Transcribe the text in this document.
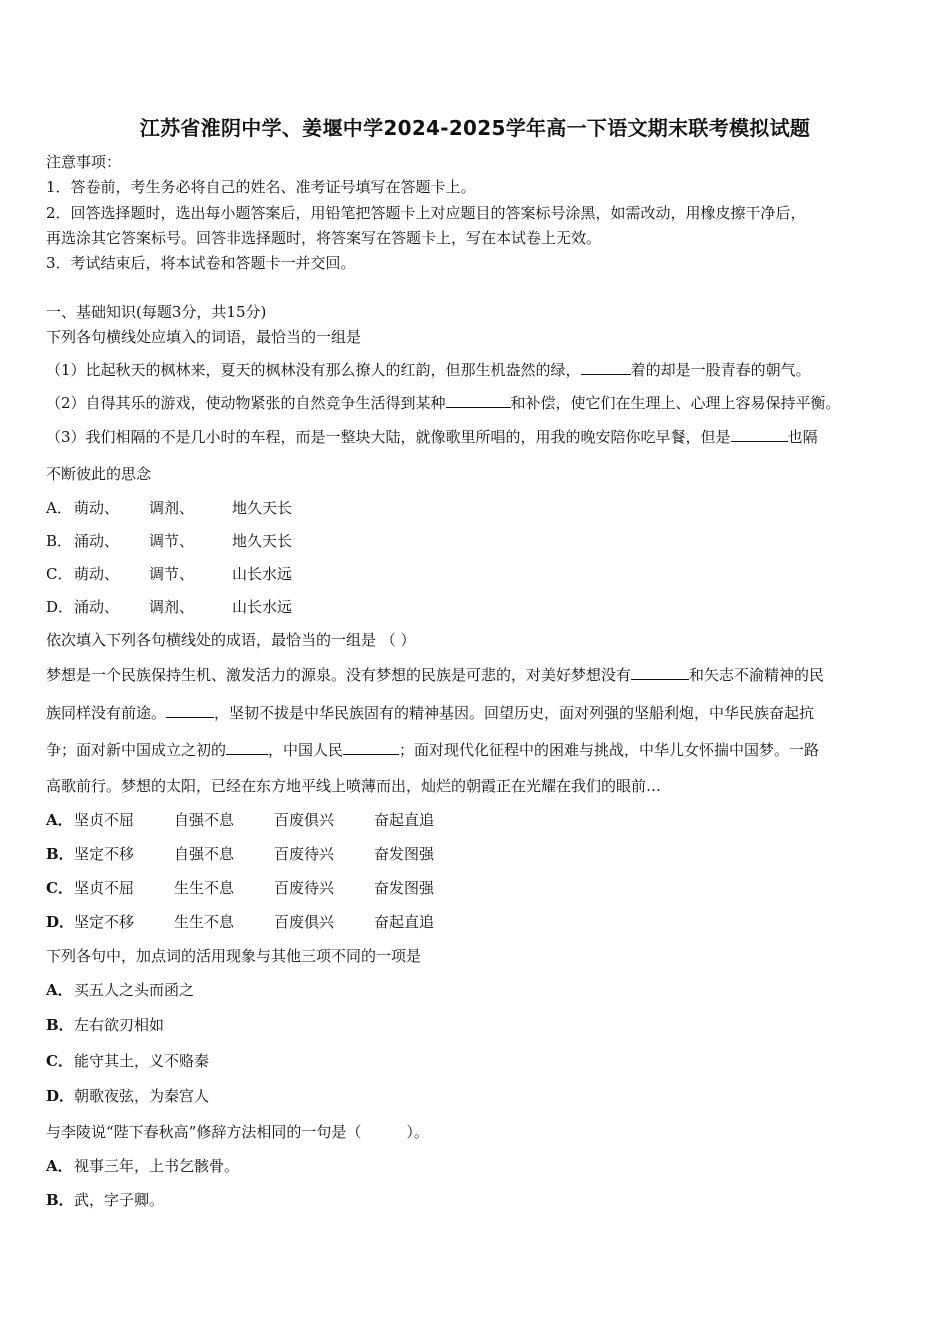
江苏省淮阴中学、姜堰中学2024-2025学年高一下语文期末联考模拟试题
注意事项：
1．答卷前，考生务必将自己的姓名、准考证号填写在答题卡上。
2．回答选择题时，选出每小题答案后，用铅笔把答题卡上对应题目的答案标号涂黑，如需改动，用橡皮擦干净后，
再选涂其它答案标号。回答非选择题时，将答案写在答题卡上，写在本试卷上无效。
3．考试结束后，将本试卷和答题卡一并交回。
一、基础知识(每题3分，共15分)
下列各句横线处应填入的词语，最恰当的一组是
（1）比起秋天的枫林来，夏天的枫林没有那么撩人的红韵，但那生机盎然的绿，	着的却是一股青春的朝气。
（2）自得其乐的游戏，使动物紧张的自然竞争生活得到某种	和补偿，使它们在生理上、心理上容易保持平衡。
（3）我们相隔的不是几小时的车程，而是一整块大陆，就像歌里所唱的，用我的晚安陪你吃早餐，但是	也隔
不断彼此的思念
A． 萌动、 调剂、	地久天长
B． 涌动、 调节、	地久天长
C． 萌动、 调节、	山长水远
D．涌动、 调剂、	山长水远
依次填入下列各句横线处的成语，最恰当的一组是 （ ）
梦想是一个民族保持生机、激发活力的源泉。没有梦想的民族是可悲的，对美好梦想没有	和矢志不渝精神的民
族同样没有前途。	，坚韧不拔是中华民族固有的精神基因。回望历史，面对列强的坚船利炮，中华民族奋起抗
争；面对新中国成立之初的	，中国人民	；面对现代化征程中的困难与挑战，中华儿女怀揣中国梦。一路
高歌前行。梦想的太阳，已经在东方地平线上喷薄而出，灿烂的朝霞正在光耀在我们的眼前…
A．坚贞不屈	自强不息	百废俱兴	奋起直追
B．坚定不移	自强不息	百废待兴	奋发图强
C．坚贞不屈	生生不息	百废待兴	奋发图强
D．坚定不移	生生不息	百废俱兴	奋起直追
下列各句中，加点词的活用现象与其他三项不同的一项是
A．买五人之头而函之
B．左右欲刃相如
C．能守其土，义不赂秦
D．朝歌夜弦，为秦宫人
与李陵说“陛下春秋高”修辞方法相同的一句是（　　　）。
A．视事三年，上书乞骸骨。
B．武，字子卿。
